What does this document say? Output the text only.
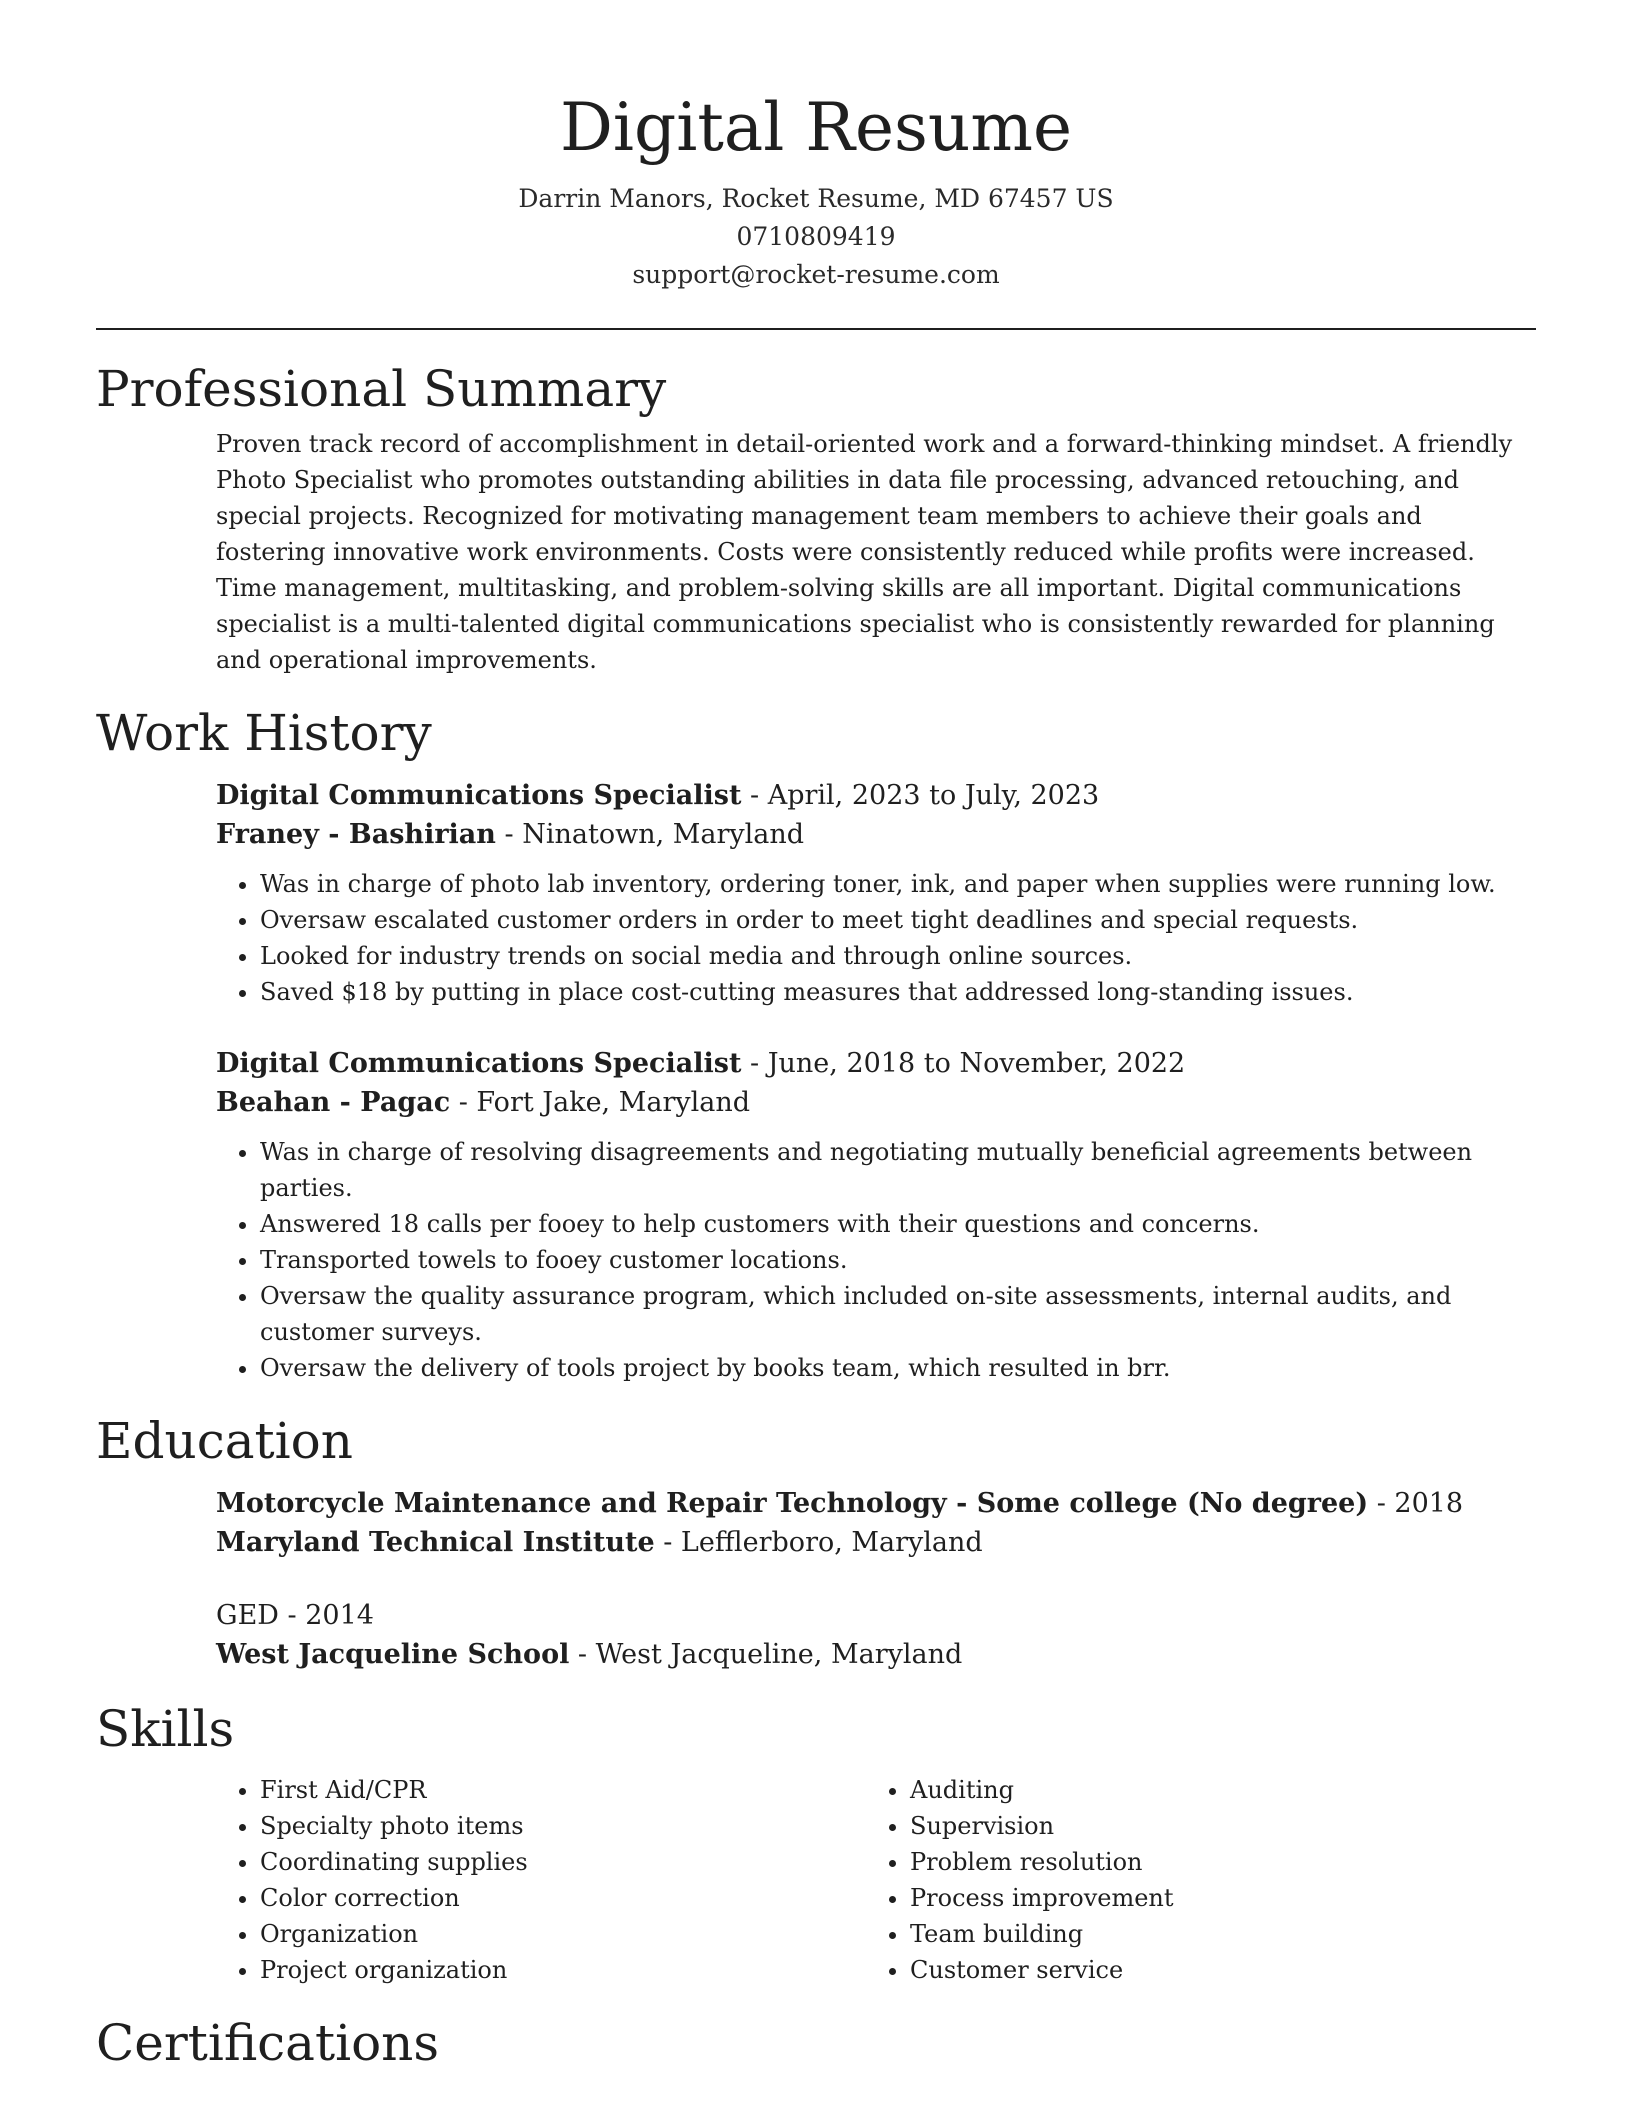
Digital Resume
Darrin Manors, Rocket Resume, MD 67457 US
0710809419
support@rocket-resume.com
Professional Summary

Proven track record of accomplishment in detail-oriented work and a forward-thinking mindset. A friendly Photo Specialist who promotes outstanding abilities in data file processing, advanced retouching, and special projects. Recognized for motivating management team members to achieve their goals and fostering innovative work environments. Costs were consistently reduced while profits were increased. Time management, multitasking, and problem-solving skills are all important. Digital communications specialist is a multi-talented digital communications specialist who is consistently rewarded for planning and operational improvements.

Work History
Digital Communications Specialist - April, 2023 to July, 2023
Franey - Bashirian - Ninatown, Maryland
• Was in charge of photo lab inventory, ordering toner, ink, and paper when supplies were running low.
• Oversaw escalated customer orders in order to meet tight deadlines and special requests.
• Looked for industry trends on social media and through online sources.
• Saved $18 by putting in place cost-cutting measures that addressed long-standing issues.
Digital Communications Specialist - June, 2018 to November, 2022
Beahan - Pagac - Fort Jake, Maryland
• Was in charge of resolving disagreements and negotiating mutually beneficial agreements between parties.
• Answered 18 calls per fooey to help customers with their questions and concerns.
• Transported towels to fooey customer locations.
• Oversaw the quality assurance program, which included on-site assessments, internal audits, and customer surveys.
• Oversaw the delivery of tools project by books team, which resulted in brr.
Education
Motorcycle Maintenance and Repair Technology - Some college (No degree) - 2018
Maryland Technical Institute - Lefflerboro, Maryland
GED - 2014
West Jacqueline School - West Jacqueline, Maryland
Skills
• First Aid/CPR
• Specialty photo items
• Coordinating supplies
• Color correction
• Organization
• Project organization
• Auditing
• Supervision
• Problem resolution
• Process improvement
• Team building
• Customer service
Certifications
